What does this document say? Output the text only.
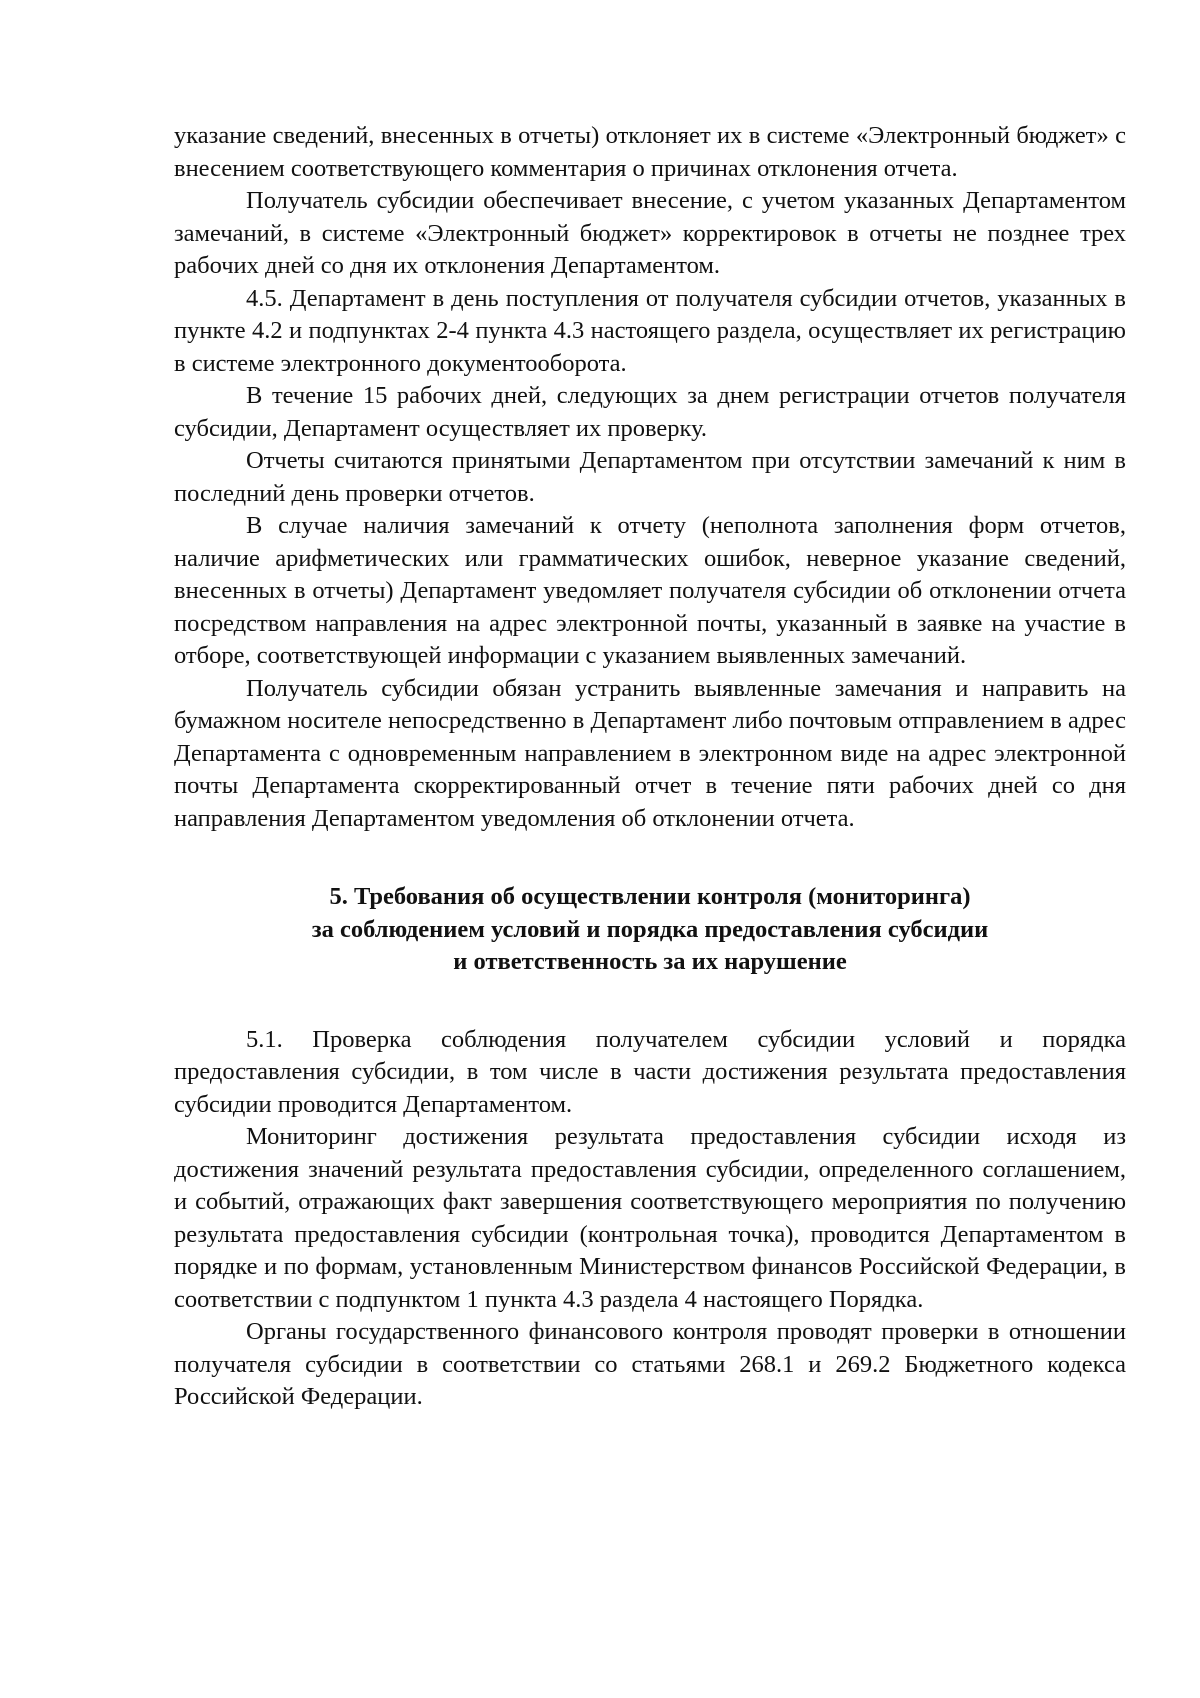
указание сведений, внесенных в отчеты) отклоняет их в системе «Электронный бюджет» с внесением соответствующего комментария о причинах отклонения отчета.

Получатель субсидии обеспечивает внесение, с учетом указанных Департаментом замечаний, в системе «Электронный бюджет» корректировок в отчеты не позднее трех рабочих дней со дня их отклонения Департаментом.

4.5. Департамент в день поступления от получателя субсидии отчетов, указанных в пункте 4.2 и подпунктах 2-4 пункта 4.3 настоящего раздела, осуществляет их регистрацию в системе электронного документооборота.

В течение 15 рабочих дней, следующих за днем регистрации отчетов получателя субсидии, Департамент осуществляет их проверку.

Отчеты считаются принятыми Департаментом при отсутствии замечаний к ним в последний день проверки отчетов.

В случае наличия замечаний к отчету (неполнота заполнения форм отчетов, наличие арифметических или грамматических ошибок, неверное указание сведений, внесенных в отчеты) Департамент уведомляет получателя субсидии об отклонении отчета посредством направления на адрес электронной почты, указанный в заявке на участие в отборе, соответствующей информации с указанием выявленных замечаний.

Получатель субсидии обязан устранить выявленные замечания и направить на бумажном носителе непосредственно в Департамент либо почтовым отправлением в адрес Департамента с одновременным направлением в электронном виде на адрес электронной почты Департамента скорректированный отчет в течение пяти рабочих дней со дня направления Департаментом уведомления об отклонении отчета.

5. Требования об осуществлении контроля (мониторинга)
за соблюдением условий и порядка предоставления субсидии
и ответственность за их нарушение

5.1. Проверка соблюдения получателем субсидии условий и порядка предоставления субсидии, в том числе в части достижения результата предоставления субсидии проводится Департаментом.

Мониторинг достижения результата предоставления субсидии исходя из достижения значений результата предоставления субсидии, определенного соглашением, и событий, отражающих факт завершения соответствующего мероприятия по получению результата предоставления субсидии (контрольная точка), проводится Департаментом в порядке и по формам, установленным Министерством финансов Российской Федерации, в соответствии с подпунктом 1 пункта 4.3 раздела 4 настоящего Порядка.

Органы государственного финансового контроля проводят проверки в отношении получателя субсидии в соответствии со статьями 268.1 и 269.2 Бюджетного кодекса Российской Федерации.
